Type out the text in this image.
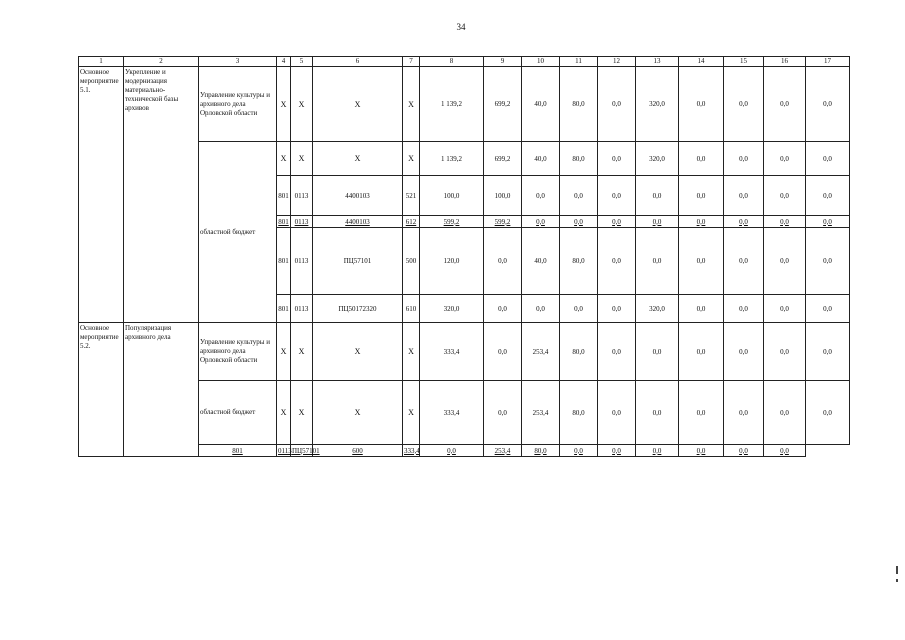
34
1	2	3	4	5	6	7	8	9	10	11	12	13	14	15	16	17
Основное мероприятие 5.1.	Укрепление и модернизация материально-технической базы архивов	Управление культуры и архивного дела Орловской области	X	X	X	X	1 139,2	699,2	40,0	80,0	0,0	320,0	0,0	0,0	0,0	0,0
		областной бюджет	X	X	X	X	1 139,2	699,2	40,0	80,0	0,0	320,0	0,0	0,0	0,0	0,0
			801	0113	4400103	521	100,0	100,0	0,0	0,0	0,0	0,0	0,0	0,0	0,0	0,0
			801	0113	4400103	612	599,2	599,2	0,0	0,0	0,0	0,0	0,0	0,0	0,0	0,0
			801	0113	ПЦ57101	500	120,0	0,0	40,0	80,0	0,0	0,0	0,0	0,0	0,0	0,0
			801	0113	ПЦ50172320	610	320,0	0,0	0,0	0,0	0,0	320,0	0,0	0,0	0,0	0,0
Основное мероприятие 5.2.	Популяризация архивного дела	Управление культуры и архивного дела Орловской области	X	X	X	X	333,4	0,0	253,4	80,0	0,0	0,0	0,0	0,0	0,0	0,0
		областной бюджет	X	X	X	X	333,4	0,0	253,4	80,0	0,0	0,0	0,0	0,0	0,0	0,0
		801	0113	ПЦ57101	600	333,4	0,0	253,4	80,0	0,0	0,0	0,0	0,0	0,0	0,0	
